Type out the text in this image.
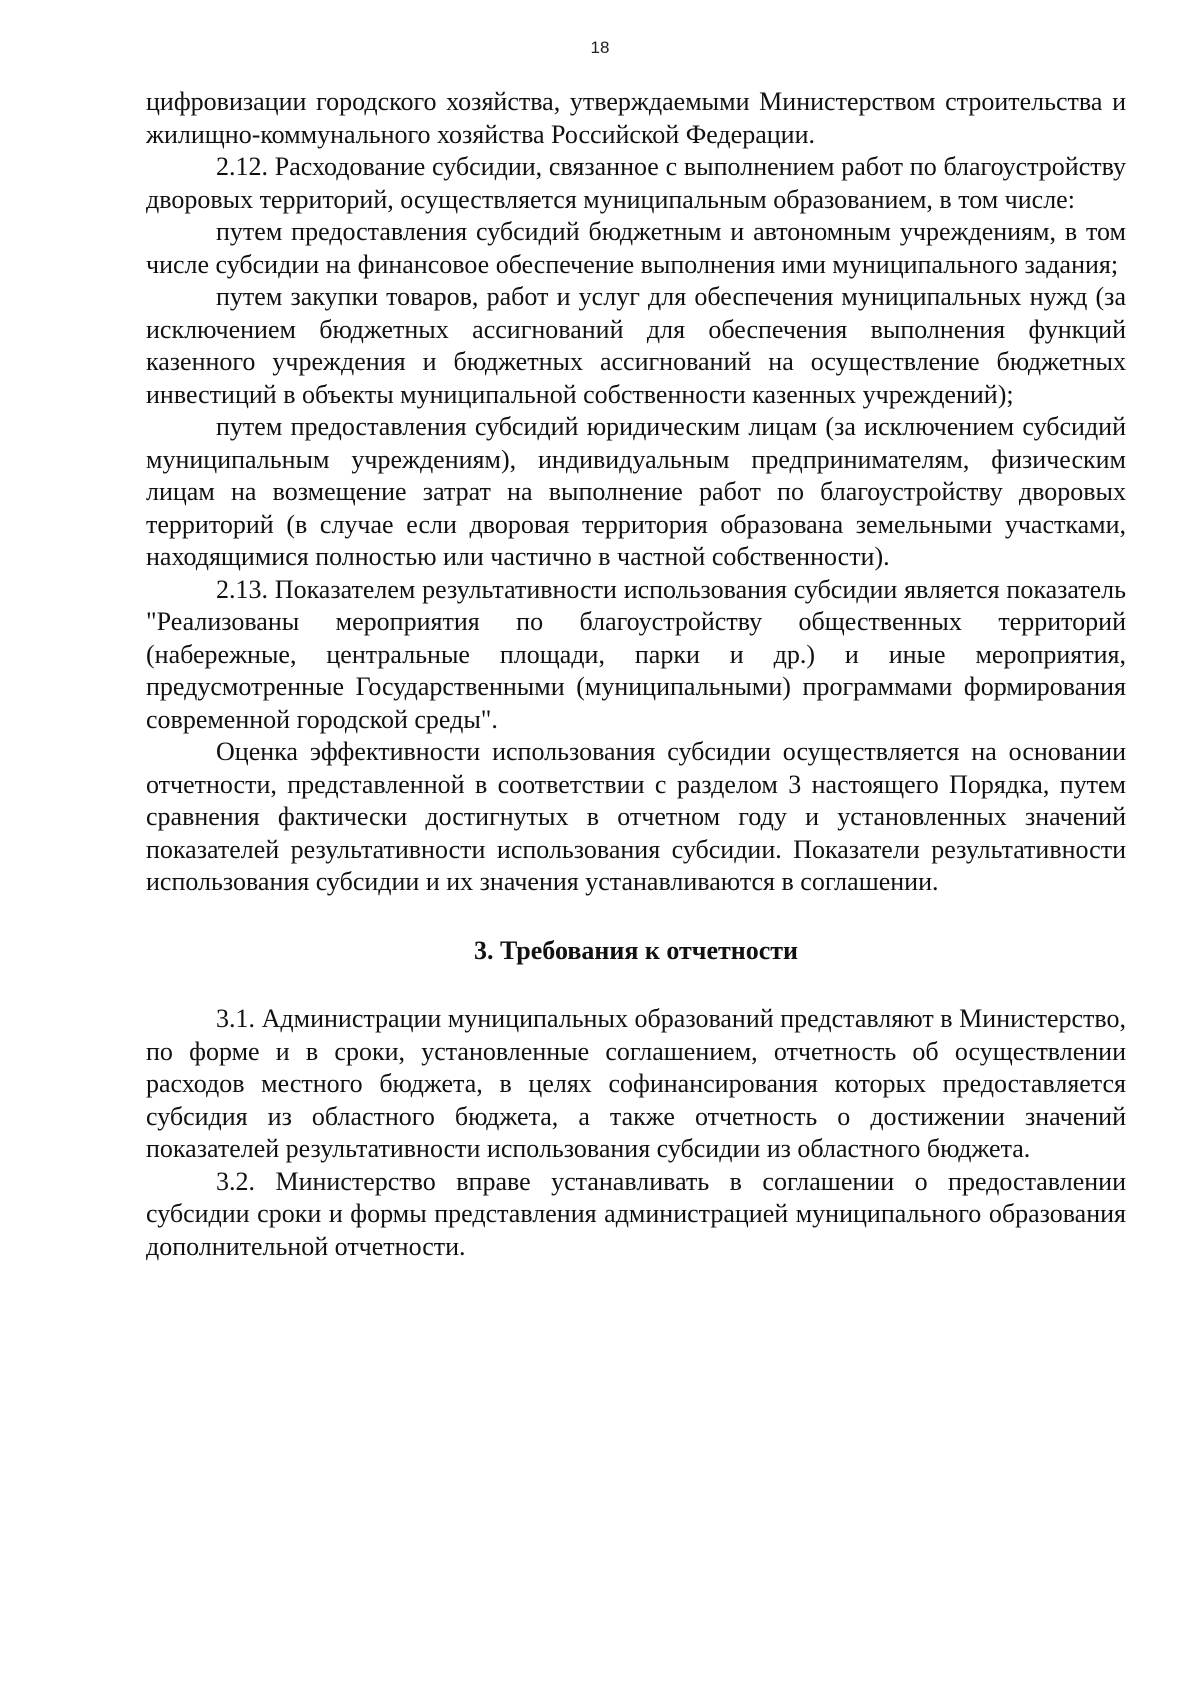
18

цифровизации городского хозяйства, утверждаемыми Министерством строительства и жилищно-коммунального хозяйства Российской Федерации.

2.12. Расходование субсидии, связанное с выполнением работ по благоустройству дворовых территорий, осуществляется муниципальным образованием, в том числе:

путем предоставления субсидий бюджетным и автономным учреждениям, в том числе субсидии на финансовое обеспечение выполнения ими муниципального задания;

путем закупки товаров, работ и услуг для обеспечения муниципальных нужд (за исключением бюджетных ассигнований для обеспечения выполнения функций казенного учреждения и бюджетных ассигнований на осуществление бюджетных инвестиций в объекты муниципальной собственности казенных учреждений);

путем предоставления субсидий юридическим лицам (за исключением субсидий муниципальным учреждениям), индивидуальным предпринимателям, физическим лицам на возмещение затрат на выполнение работ по благоустройству дворовых территорий (в случае если дворовая территория образована земельными участками, находящимися полностью или частично в частной собственности).

2.13. Показателем результативности использования субсидии является показатель "Реализованы мероприятия по благоустройству общественных территорий (набережные, центральные площади, парки и др.) и иные мероприятия, предусмотренные Государственными (муниципальными) программами формирования современной городской среды".

Оценка эффективности использования субсидии осуществляется на основании отчетности, представленной в соответствии с разделом 3 настоящего Порядка, путем сравнения фактически достигнутых в отчетном году и установленных значений показателей результативности использования субсидии. Показатели результативности использования субсидии и их значения устанавливаются в соглашении.

3. Требования к отчетности

3.1. Администрации муниципальных образований представляют в Министерство, по форме и в сроки, установленные соглашением, отчетность об осуществлении расходов местного бюджета, в целях софинансирования которых предоставляется субсидия из областного бюджета, а также отчетность о достижении значений показателей результативности использования субсидии из областного бюджета.

3.2. Министерство вправе устанавливать в соглашении о предоставлении субсидии сроки и формы представления администрацией муниципального образования дополнительной отчетности.
